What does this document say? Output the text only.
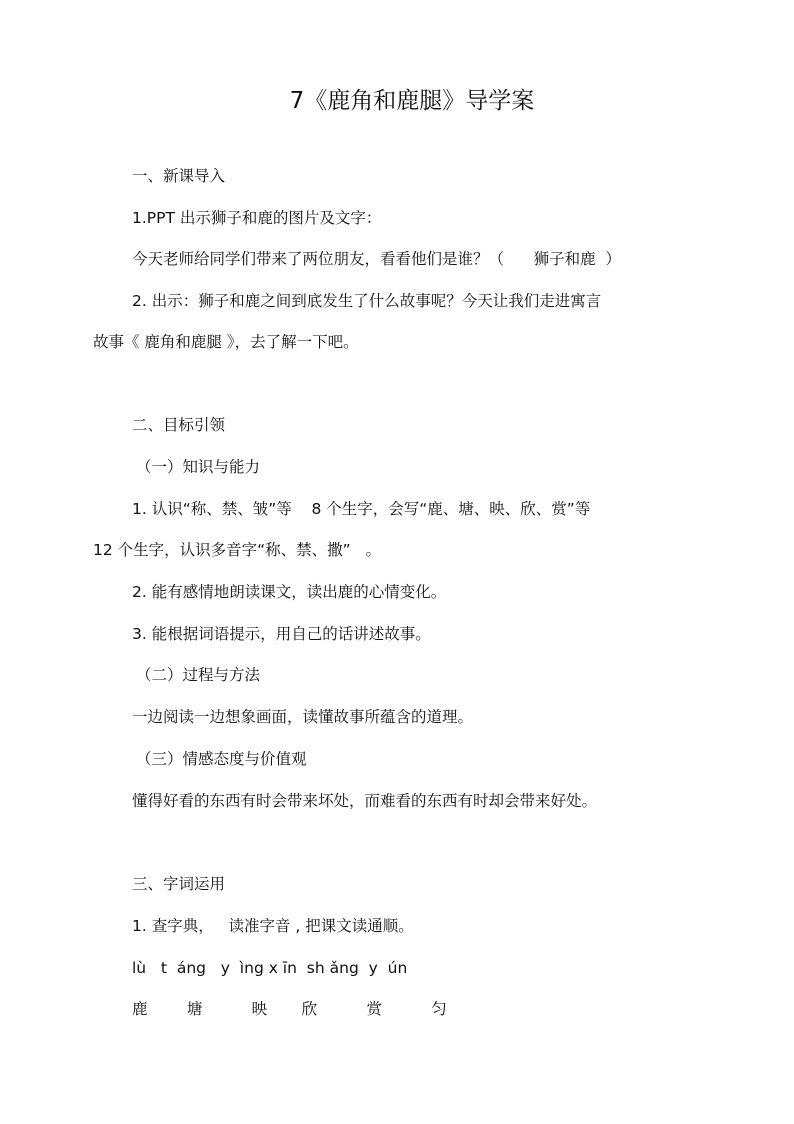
7《鹿角和鹿腿》导学案
一、新课导入
1.PPT 出示狮子和鹿的图片及文字：
今天老师给同学们带来了两位朋友，看看他们是谁？（      狮子和鹿  ）
2. 出示：狮子和鹿之间到底发生了什么故事呢？今天让我们走进寓言
故事《 鹿角和鹿腿 》，去了解一下吧。
二、目标引领
（一）知识与能力
1. 认识“称、禁、皱”等    8 个生字，会写“鹿、塘、映、欣、赏”等
12 个生字，认识多音字“称、禁、撒”   。
2. 能有感情地朗读课文，读出鹿的心情变化。
3. 能根据词语提示，用自己的话讲述故事。
（二）过程与方法
一边阅读一边想象画面，读懂故事所蕴含的道理。
（三）情感态度与价值观
懂得好看的东西有时会带来坏处，而难看的东西有时却会带来好处。
三、字词运用
1. 查字典，   读准字音 , 把课文读通顺。
lù   t  áng   y  ìng x īn  sh ǎng  y  ún
鹿        塘          映       欣          赏          匀
